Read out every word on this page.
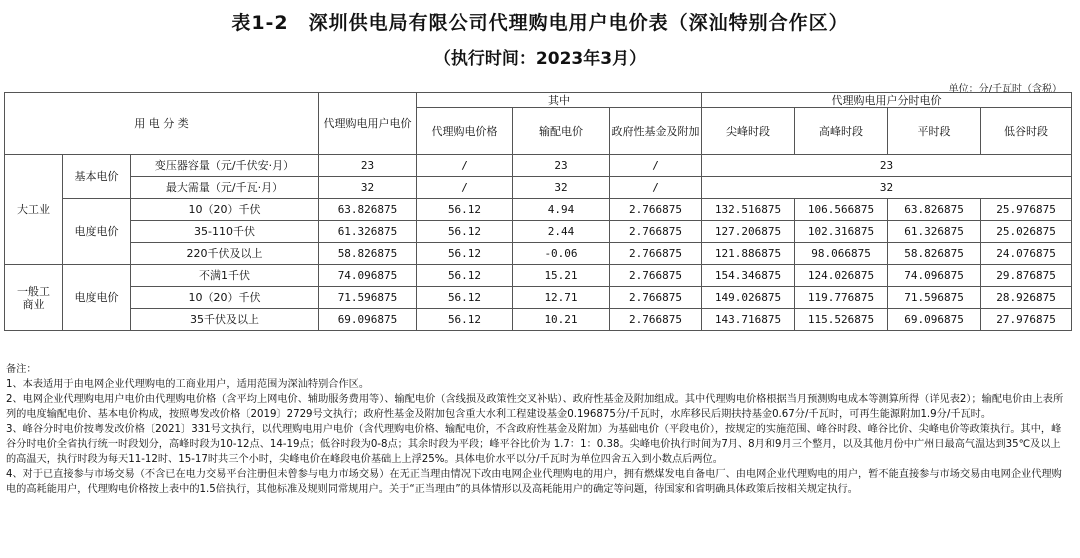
表1-2　深圳供电局有限公司代理购电用户电价表（深汕特别合作区）
（执行时间：2023年3月）
单位：分/千瓦时（含税）
用 电 分 类			代理购电用户电价	其中			代理购电用户分时电价			
				代理购电价格	输配电价	政府性基金及附加	尖峰时段	高峰时段	平时段	低谷时段
大工业	基本电价	变压器容量（元/千伏安·月）	23	/	23	/	23			
		最大需量（元/千瓦·月）	32	/	32	/	32			
	电度电价	10（20）千伏	63.826875	56.12	4.94	2.766875	132.516875	106.566875	63.826875	25.976875
		35-110千伏	61.326875	56.12	2.44	2.766875	127.206875	102.316875	61.326875	25.026875
		220千伏及以上	58.826875	56.12	-0.06	2.766875	121.886875	98.066875	58.826875	24.076875
一般工商业	电度电价	不满1千伏	74.096875	56.12	15.21	2.766875	154.346875	124.026875	74.096875	29.876875
		10（20）千伏	71.596875	56.12	12.71	2.766875	149.026875	119.776875	71.596875	28.926875
		35千伏及以上	69.096875	56.12	10.21	2.766875	143.716875	115.526875	69.096875	27.976875

备注：

1、本表适用于由电网企业代理购电的工商业用户，适用范围为深汕特别合作区。

2、电网企业代理购电用户电价由代理购电价格（含平均上网电价、辅助服务费用等）、输配电价（含线损及政策性交叉补贴）、政府性基金及附加组成。其中代理购电价格根据当月预测购电成本等测算所得（详见表2）；输配电价由上表所列的电度输配电价、基本电价构成，按照粤发改价格〔2019〕2729号文执行；政府性基金及附加包含重大水利工程建设基金0.196875分/千瓦时，水库移民后期扶持基金0.67分/千瓦时，可再生能源附加1.9分/千瓦时。

3、峰谷分时电价按粤发改价格〔2021〕331号文执行，以代理购电用户电价（含代理购电价格、输配电价，不含政府性基金及附加）为基础电价（平段电价），按规定的实施范围、峰谷时段、峰谷比价、尖峰电价等政策执行。其中，峰谷分时电价全省执行统一时段划分，高峰时段为10-12点、14-19点；低谷时段为0-8点；其余时段为平段；峰平谷比价为 1.7：1：0.38。尖峰电价执行时间为7月、8月和9月三个整月，以及其他月份中广州日最高气温达到35℃及以上的高温天，执行时段为每天11-12时、15-17时共三个小时，尖峰电价在峰段电价基础上上浮25%。具体电价水平以分/千瓦时为单位四舍五入到小数点后两位。

4、对于已直接参与市场交易（不含已在电力交易平台注册但未曾参与电力市场交易）在无正当理由情况下改由电网企业代理购电的用户，拥有燃煤发电自备电厂、由电网企业代理购电的用户，暂不能直接参与市场交易由电网企业代理购电的高耗能用户，代理购电价格按上表中的1.5倍执行，其他标准及规则同常规用户。关于“正当理由”的具体情形以及高耗能用户的确定等问题，待国家和省明确具体政策后按相关规定执行。
